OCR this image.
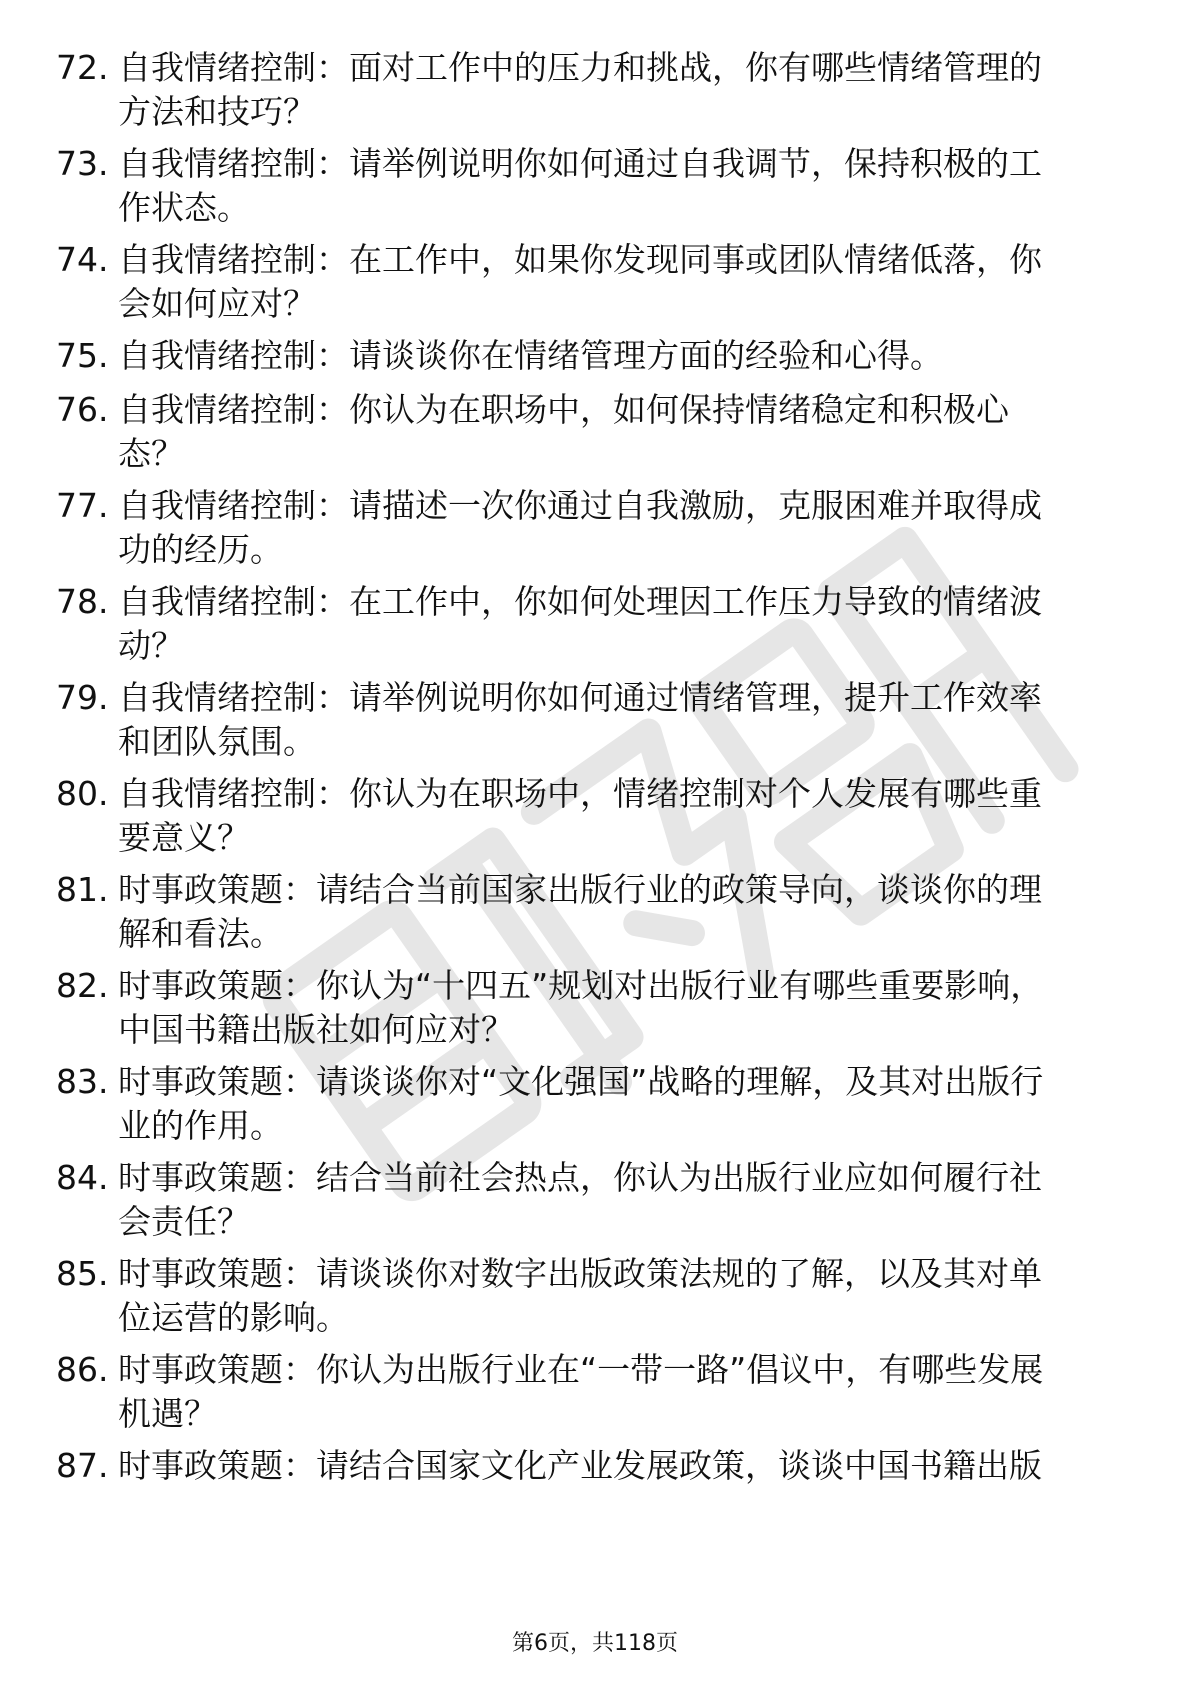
72. 自我情绪控制：面对工作中的压力和挑战，你有哪些情绪管理的
方法和技巧？
73. 自我情绪控制：请举例说明你如何通过自我调节，保持积极的工
作状态。
74. 自我情绪控制：在工作中，如果你发现同事或团队情绪低落，你
会如何应对？
75. 自我情绪控制：请谈谈你在情绪管理方面的经验和心得。
76. 自我情绪控制：你认为在职场中，如何保持情绪稳定和积极心
态？
77. 自我情绪控制：请描述一次你通过自我激励，克服困难并取得成
功的经历。
78. 自我情绪控制：在工作中，你如何处理因工作压力导致的情绪波
动？
79. 自我情绪控制：请举例说明你如何通过情绪管理，提升工作效率
和团队氛围。
80. 自我情绪控制：你认为在职场中，情绪控制对个人发展有哪些重
要意义？
81. 时事政策题：请结合当前国家出版行业的政策导向，谈谈你的理
解和看法。
82. 时事政策题：你认为“十四五”规划对出版行业有哪些重要影响，
中国书籍出版社如何应对？
83. 时事政策题：请谈谈你对“文化强国”战略的理解，及其对出版行
业的作用。
84. 时事政策题：结合当前社会热点，你认为出版行业应如何履行社
会责任？
85. 时事政策题：请谈谈你对数字出版政策法规的了解，以及其对单
位运营的影响。
86. 时事政策题：你认为出版行业在“一带一路”倡议中，有哪些发展
机遇？
87. 时事政策题：请结合国家文化产业发展政策，谈谈中国书籍出版
第6页，共118页
